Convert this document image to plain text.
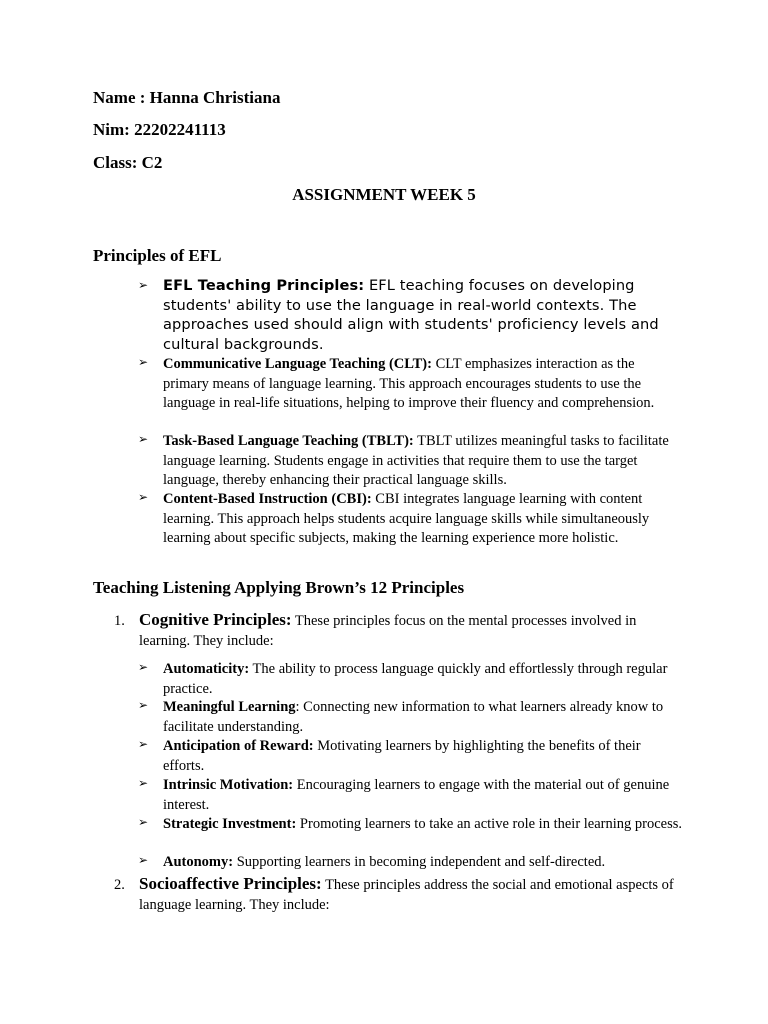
Name : Hanna Christiana
Nim: 22202241113
Class: C2
ASSIGNMENT WEEK 5
Principles of EFL
➢ EFL Teaching Principles: EFL teaching focuses on developing students' ability to use the language in real-world contexts. The approaches used should align with students' proficiency levels and cultural backgrounds.
➢ Communicative Language Teaching (CLT): CLT emphasizes interaction as the primary means of language learning. This approach encourages students to use the language in real-life situations, helping to improve their fluency and comprehension.
➢ Task-Based Language Teaching (TBLT): TBLT utilizes meaningful tasks to facilitate language learning. Students engage in activities that require them to use the target language, thereby enhancing their practical language skills.
➢ Content-Based Instruction (CBI): CBI integrates language learning with content learning. This approach helps students acquire language skills while simultaneously learning about specific subjects, making the learning experience more holistic.
Teaching Listening Applying Brown’s 12 Principles
1. Cognitive Principles: These principles focus on the mental processes involved in learning. They include:
➢ Automaticity: The ability to process language quickly and effortlessly through regular practice.
➢ Meaningful Learning: Connecting new information to what learners already know to facilitate understanding.
➢ Anticipation of Reward: Motivating learners by highlighting the benefits of their efforts.
➢ Intrinsic Motivation: Encouraging learners to engage with the material out of genuine interest.
➢ Strategic Investment: Promoting learners to take an active role in their learning process.
➢ Autonomy: Supporting learners in becoming independent and self-directed.
2. Socioaffective Principles: These principles address the social and emotional aspects of language learning. They include:
